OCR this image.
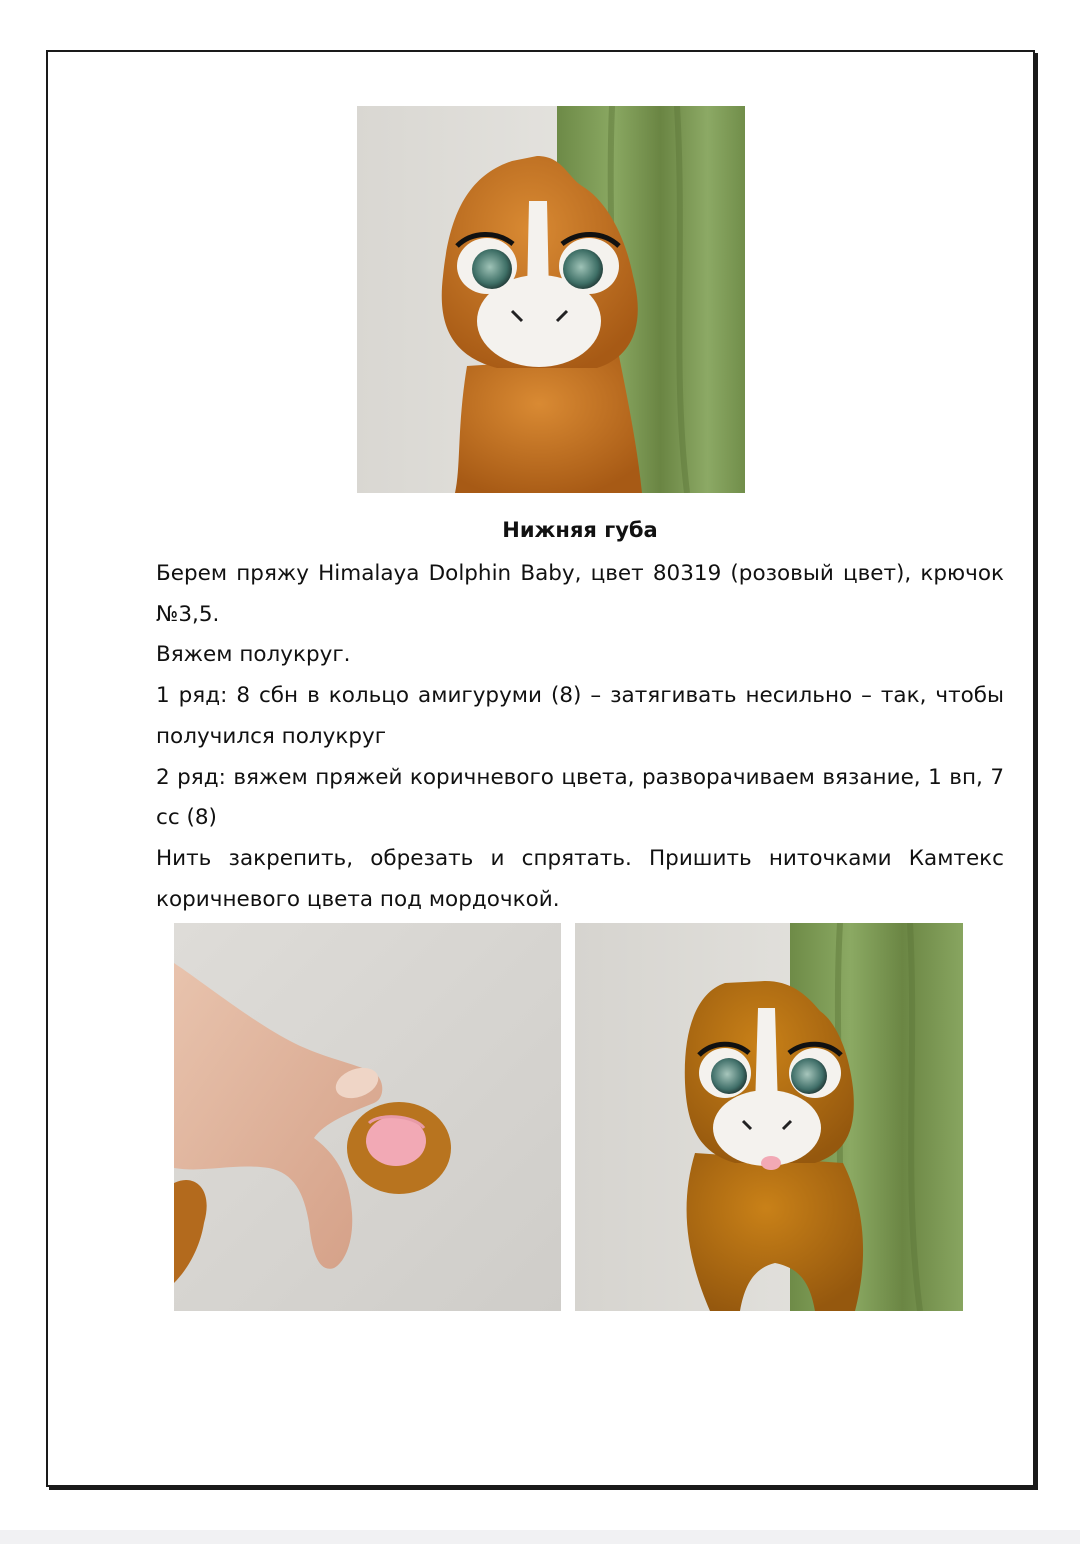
Нижняя губа

Берем пряжу Himalaya Dolphin Baby, цвет 80319 (розовый цвет), крючок №3,5.

Вяжем полукруг.

1 ряд: 8 сбн в кольцо амигуруми (8) – затягивать несильно – так, чтобы получился полукруг

2 ряд: вяжем пряжей коричневого цвета, разворачиваем вязание, 1 вп, 7 сс (8)

Нить закрепить, обрезать и спрятать. Пришить ниточками Камтекс коричневого цвета под мордочкой.
